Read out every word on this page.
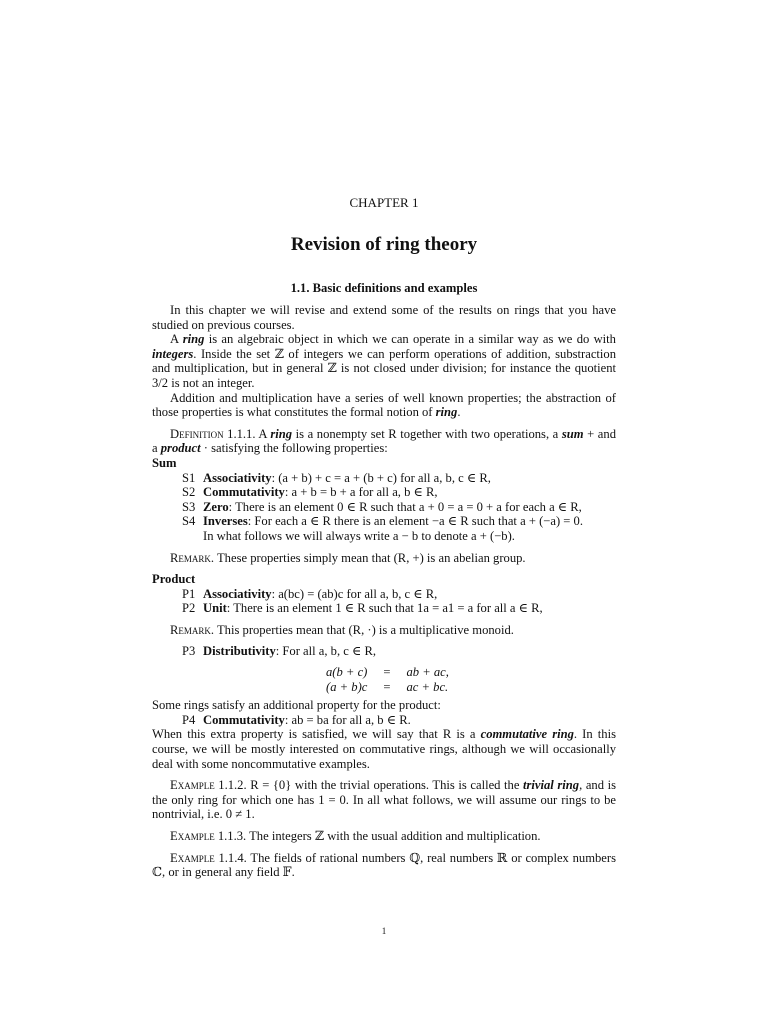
CHAPTER 1
Revision of ring theory
1.1. Basic definitions and examples

In this chapter we will revise and extend some of the results on rings that you have studied on previous courses.

A ring is an algebraic object in which we can operate in a similar way as we do with integers. Inside the set ℤ of integers we can perform operations of addition, substraction and multiplication, but in general ℤ is not closed under division; for instance the quotient 3/2 is not an integer.

Addition and multiplication have a series of well known properties; the abstraction of those properties is what constitutes the formal notion of ring.

Definition 1.1.1. A ring is a nonempty set R together with two operations, a sum + and a product · satisfying the following properties:

Sum
S1 Associativity: (a + b) + c = a + (b + c) for all a, b, c ∈ R,
S2 Commutativity: a + b = b + a for all a, b ∈ R,
S3 Zero: There is an element 0 ∈ R such that a + 0 = a = 0 + a for each a ∈ R,
S4 Inverses: For each a ∈ R there is an element −a ∈ R such that a + (−a) = 0.
In what follows we will always write a − b to denote a + (−b).

Remark. These properties simply mean that (R, +) is an abelian group.

Product
P1 Associativity: a(bc) = (ab)c for all a, b, c ∈ R,
P2 Unit: There is an element 1 ∈ R such that 1a = a1 = a for all a ∈ R,

Remark. This properties mean that (R, ·) is a multiplicative monoid.

P3 Distributivity: For all a, b, c ∈ R,
a(b + c)	=	ab + ac,
(a + b)c	=	ac + bc.

Some rings satisfy an additional property for the product:

P4 Commutativity: ab = ba for all a, b ∈ R.

When this extra property is satisfied, we will say that R is a commutative ring. In this course, we will be mostly interested on commutative rings, although we will occasionally deal with some noncommutative examples.

Example 1.1.2. R = {0} with the trivial operations. This is called the trivial ring, and is the only ring for which one has 1 = 0. In all what follows, we will assume our rings to be nontrivial, i.e. 0 ≠ 1.

Example 1.1.3. The integers ℤ with the usual addition and multiplication.

Example 1.1.4. The fields of rational numbers ℚ, real numbers ℝ or complex numbers ℂ, or in general any field 𝔽.

1
